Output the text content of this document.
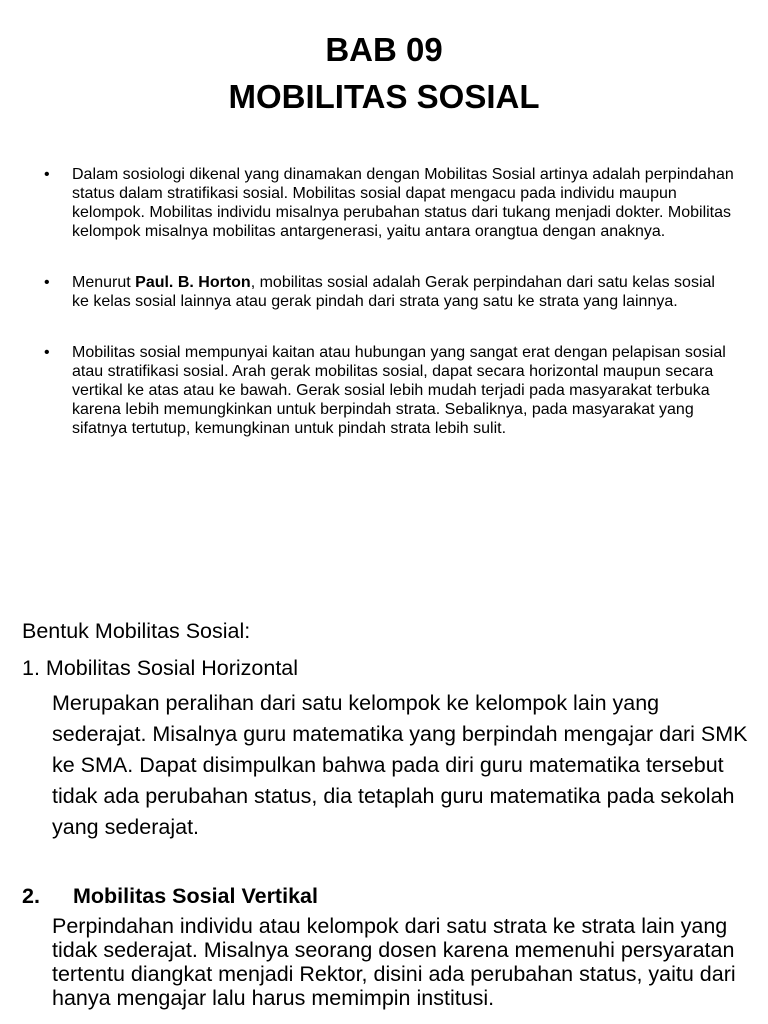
BAB 09
MOBILITAS SOSIAL
• Dalam sosiologi dikenal yang dinamakan dengan Mobilitas Sosial artinya adalah perpindahan status dalam stratifikasi sosial. Mobilitas sosial dapat mengacu pada individu maupun kelompok. Mobilitas individu misalnya perubahan status dari tukang menjadi dokter. Mobilitas kelompok misalnya mobilitas antargenerasi, yaitu antara orangtua dengan anaknya.
• Menurut Paul. B. Horton, mobilitas sosial adalah Gerak perpindahan dari satu kelas sosial ke kelas sosial lainnya atau gerak pindah dari strata yang satu ke strata yang lainnya.
• Mobilitas sosial mempunyai kaitan atau hubungan yang sangat erat dengan pelapisan sosial atau stratifikasi sosial. Arah gerak mobilitas sosial, dapat secara horizontal maupun secara vertikal ke atas atau ke bawah. Gerak sosial lebih mudah terjadi pada masyarakat terbuka karena lebih memungkinkan untuk berpindah strata. Sebaliknya, pada masyarakat yang sifatnya tertutup, kemungkinan untuk pindah strata lebih sulit.

Bentuk Mobilitas Sosial:

1. Mobilitas Sosial Horizontal

Merupakan peralihan dari satu kelompok ke kelompok lain yang sederajat. Misalnya guru matematika yang berpindah mengajar dari SMK ke SMA. Dapat disimpulkan bahwa pada diri guru matematika tersebut tidak ada perubahan status, dia tetaplah guru matematika pada sekolah yang sederajat.

2. Mobilitas Sosial Vertikal

Perpindahan individu atau kelompok dari satu strata ke strata lain yang tidak sederajat. Misalnya seorang dosen karena memenuhi persyaratan tertentu diangkat menjadi Rektor, disini ada perubahan status, yaitu dari hanya mengajar lalu harus memimpin institusi.
